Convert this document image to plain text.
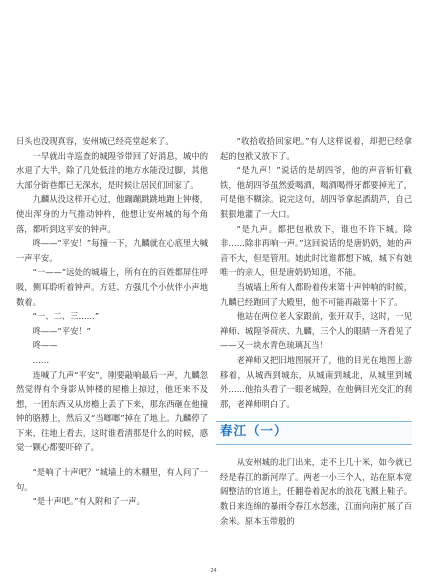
日头也没现真容，安州城已经亮堂起来了。

一早就出寺巡查的城隍爷带回了好消息，城中的水退了大半，除了几处低洼的地方水能没过脚，其他大部分街巷都已无深水，是时候让居民们回家了。

九麟从没这样开心过，他蹦蹦跳跳地跑上钟楼，使出浑身的力气推动钟杵，他想让安州城的每个角落，都听到这平安的钟声。

咚——“平安！”每撞一下，九麟就在心底里大喊一声平安。

“一——”远处的城墙上，所有在的百姓都屏住呼吸，侧耳聆听着钟声。方廷、方强几个小伙伴小声地数着。

“一、二、三……”

咚——“平安！”

咚——

……

连喊了九声“平安”，刚要敲响最后一声，九麟忽然觉得有个身影从钟楼的屋檐上掠过，他还来不及想，一团东西又从房檐上丢了下来，那东西砸在他撞钟的胳膊上，然后又“当啷啷”掉在了地上。九麟停了下来，往地上看去，这时谁看清那是什么的时候，感觉一颗心都要吓碎了。

“是响了十声吧？”城墙上的木棚里，有人问了一句。

“是十声吧。”有人附和了一声。

“收拾收拾回家吧。”有人这样说着，却把已经拿起的包袱又放下了。

“是九声！”说话的是胡四爷，他的声音斩钉截铁，他胡四爷虽然爱喝酒，喝酒喝得牙都要掉光了，可是他不糊涂。说完这句，胡四爷拿起酒葫芦，自己狠狠地灌了一大口。

“是九声。都把包袱放下，谁也不许下城。除非……除非再响一声。”这回说话的是唐奶奶，她的声音不大，但是管用。她此时比谁都想下城，城下有她唯一的亲人，但是唐奶奶知道，不能。

当城墙上所有人都盼着传来第十声钟响的时候，九麟已经跑回了大殿里，他不可能再敲第十下了。

他站在两位老人家跟前，张开双手，这时，一见禅师、城隍爷荷庆、九麟，三个人的眼睛一齐看见了——又一块水青色琉璃瓦当！

老禅师又把旧地图展开了，他的目光在地图上游移着，从城西到城东，从城南到城北，从城里到城外……他抬头看了一眼老城隍，在他俩目光交汇的刹那，老禅师明白了。

春江（一）

从安州城的北门出来，走不上几十米，如今就已经是春江的新河岸了。两老一小三个人，站在原本宽阔整洁的官道上，任翻卷着泥水的浪花飞溅上鞋子。数日来连绵的暴雨令春江水怒涨，江面向南扩展了百余米。原本玉带般的

24
